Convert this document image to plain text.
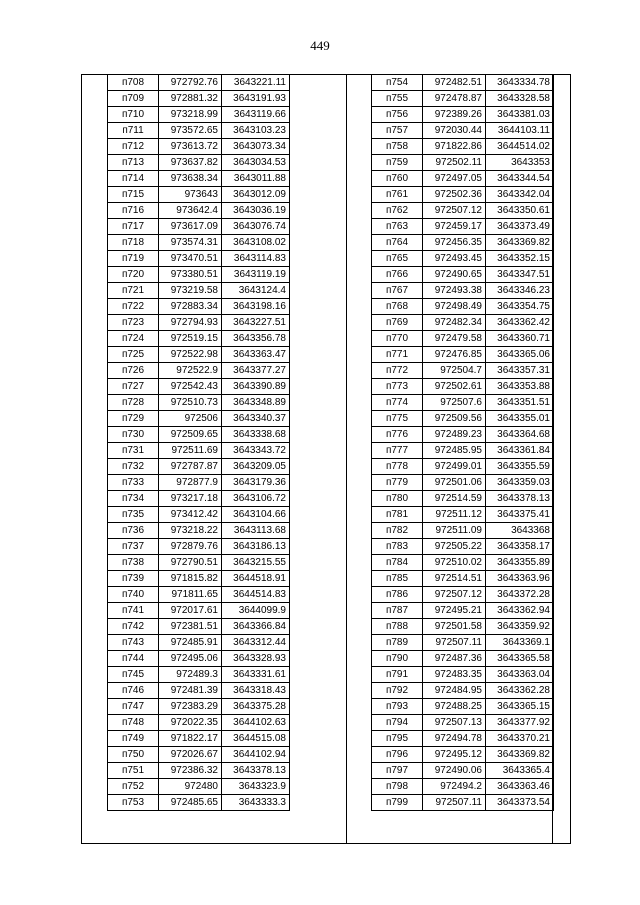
449
п708	972792.76	3643221.11
п709	972881.32	3643191.93
п710	973218.99	3643119.66
п711	973572.65	3643103.23
п712	973613.72	3643073.34
п713	973637.82	3643034.53
п714	973638.34	3643011.88
п715	973643	3643012.09
п716	973642.4	3643036.19
п717	973617.09	3643076.74
п718	973574.31	3643108.02
п719	973470.51	3643114.83
п720	973380.51	3643119.19
п721	973219.58	3643124.4
п722	972883.34	3643198.16
п723	972794.93	3643227.51
п724	972519.15	3643356.78
п725	972522.98	3643363.47
п726	972522.9	3643377.27
п727	972542.43	3643390.89
п728	972510.73	3643348.89
п729	972506	3643340.37
п730	972509.65	3643338.68
п731	972511.69	3643343.72
п732	972787.87	3643209.05
п733	972877.9	3643179.36
п734	973217.18	3643106.72
п735	973412.42	3643104.66
п736	973218.22	3643113.68
п737	972879.76	3643186.13
п738	972790.51	3643215.55
п739	971815.82	3644518.91
п740	971811.65	3644514.83
п741	972017.61	3644099.9
п742	972381.51	3643366.84
п743	972485.91	3643312.44
п744	972495.06	3643328.93
п745	972489.3	3643331.61
п746	972481.39	3643318.43
п747	972383.29	3643375.28
п748	972022.35	3644102.63
п749	971822.17	3644515.08
п750	972026.67	3644102.94
п751	972386.32	3643378.13
п752	972480	3643323.9
п753	972485.65	3643333.3
п754	972482.51	3643334.78
п755	972478.87	3643328.58
п756	972389.26	3643381.03
п757	972030.44	3644103.11
п758	971822.86	3644514.02
п759	972502.11	3643353
п760	972497.05	3643344.54
п761	972502.36	3643342.04
п762	972507.12	3643350.61
п763	972459.17	3643373.49
п764	972456.35	3643369.82
п765	972493.45	3643352.15
п766	972490.65	3643347.51
п767	972493.38	3643346.23
п768	972498.49	3643354.75
п769	972482.34	3643362.42
п770	972479.58	3643360.71
п771	972476.85	3643365.06
п772	972504.7	3643357.31
п773	972502.61	3643353.88
п774	972507.6	3643351.51
п775	972509.56	3643355.01
п776	972489.23	3643364.68
п777	972485.95	3643361.84
п778	972499.01	3643355.59
п779	972501.06	3643359.03
п780	972514.59	3643378.13
п781	972511.12	3643375.41
п782	972511.09	3643368
п783	972505.22	3643358.17
п784	972510.02	3643355.89
п785	972514.51	3643363.96
п786	972507.12	3643372.28
п787	972495.21	3643362.94
п788	972501.58	3643359.92
п789	972507.11	3643369.1
п790	972487.36	3643365.58
п791	972483.35	3643363.04
п792	972484.95	3643362.28
п793	972488.25	3643365.15
п794	972507.13	3643377.92
п795	972494.78	3643370.21
п796	972495.12	3643369.82
п797	972490.06	3643365.4
п798	972494.2	3643363.46
п799	972507.11	3643373.54
